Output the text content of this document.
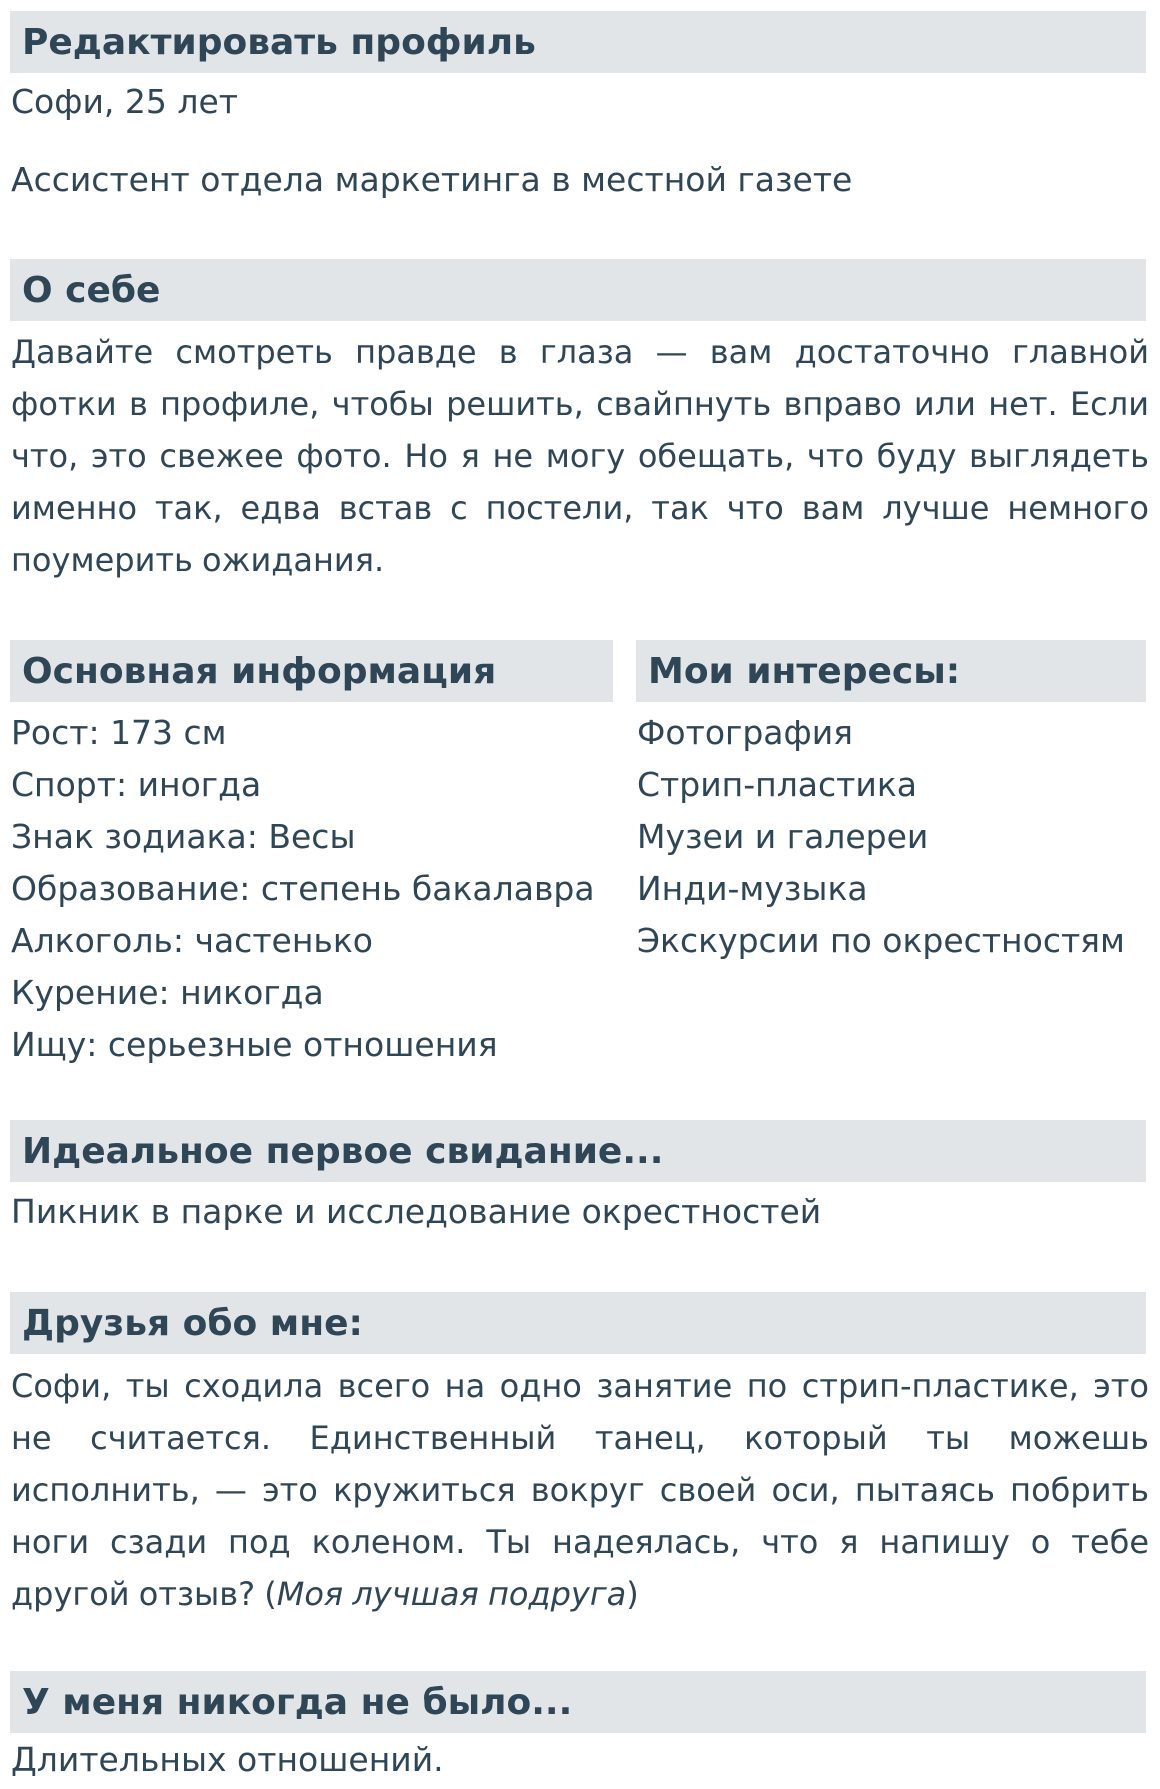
Редактировать профиль
Софи, 25 лет
Ассистент отдела маркетинга в местной газете
О себе
Давайте смотреть правде в глаза — вам достаточно главной фотки в профиле, чтобы решить, свайпнуть вправо или нет. Если что, это свежее фото. Но я не могу обещать, что буду выглядеть именно так, едва встав с постели, так что вам лучше немного поумерить ожидания.
Основная информация	Мои интересы:
Рост: 173 см
Спорт: иногда
Знак зодиака: Весы
Образование: степень бакалавра
Алкоголь: частенько
Курение: никогда
Ищу: серьезные отношения
Фотография
Стрип-пластика
Музеи и галереи
Инди-музыка
Экскурсии по окрестностям
Идеальное первое свидание...
Пикник в парке и исследование окрестностей
Друзья обо мне:
Софи, ты сходила всего на одно занятие по стрип-пластике, это не считается. Единственный танец, который ты можешь исполнить, — это кружиться вокруг своей оси, пытаясь побрить ноги сзади под коленом. Ты надеялась, что я напишу о тебе другой отзыв? (Моя лучшая подруга)
У меня никогда не было...
Длительных отношений.
